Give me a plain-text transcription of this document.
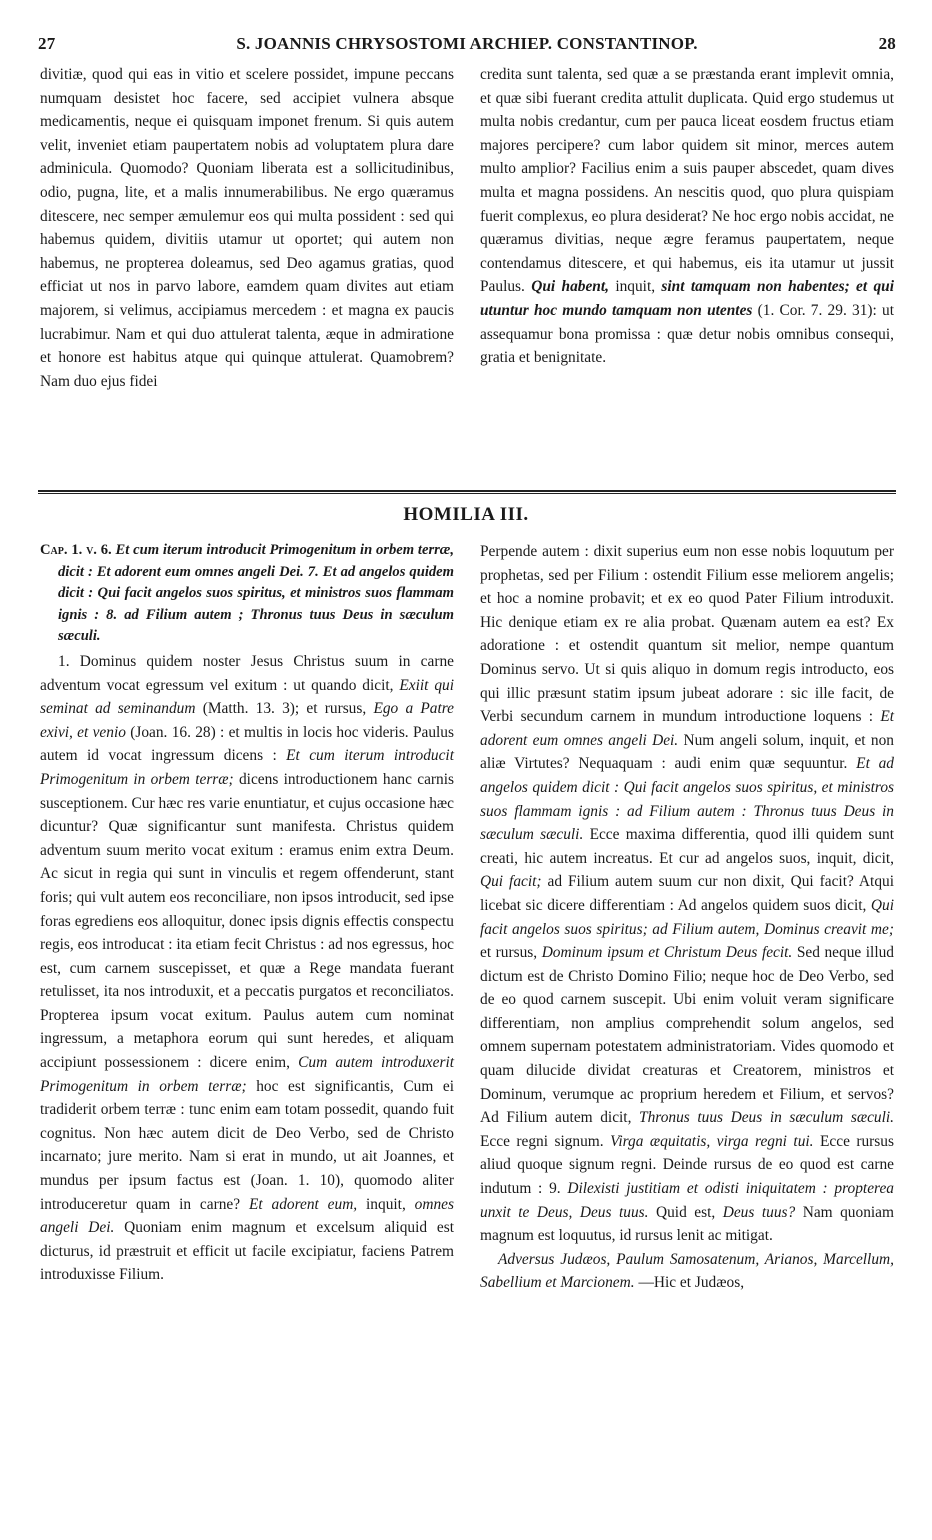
27	S. JOANNIS CHRYSOSTOMI ARCHIEP. CONSTANTINOP.	28

divitiæ, quod qui eas in vitio et scelere possidet, impune peccans numquam desistet hoc facere, sed accipiet vulnera absque medicamentis, neque ei quisquam imponet frenum. Si quis autem velit, inveniet etiam paupertatem nobis ad voluptatem plura dare adminicula. Quomodo? Quoniam liberata est a sollicitudinibus, odio, pugna, lite, et a malis innumerabilibus. Ne ergo quæramus ditescere, nec semper æmulemur eos qui multa possident : sed qui habemus quidem, divitiis utamur ut oportet; qui autem non habemus, ne propterea doleamus, sed Deo agamus gratias, quod efficiat ut nos in parvo labore, eamdem quam divites aut etiam majorem, si velimus, accipiamus mercedem : et magna ex paucis lucrabimur. Nam et qui duo attulerat talenta, æque in admiratione et honore est habitus atque qui quinque attulerat. Quamobrem? Nam duo ejus fidei

credita sunt talenta, sed quæ a se præstanda erant implevit omnia, et quæ sibi fuerant credita attulit duplicata. Quid ergo studemus ut multa nobis credantur, cum per pauca liceat eosdem fructus etiam majores percipere? cum labor quidem sit minor, merces autem multo amplior? Facilius enim a suis pauper abscedet, quam dives multa et magna possidens. An nescitis quod, quo plura quispiam fuerit complexus, eo plura desiderat? Ne hoc ergo nobis accidat, ne quæramus divitias, neque ægre feramus paupertatem, neque contendamus ditescere, et qui habemus, eis ita utamur ut jussit Paulus. Qui habent, inquit, sint tamquam non habentes; et qui utuntur hoc mundo tamquam non utentes (1. Cor. 7. 29. 31): ut assequamur bona promissa : quæ detur nobis omnibus consequi, gratia et benignitate.

HOMILIA III.

Cap. 1. v. 6. Et cum iterum introducit Primogenitum in orbem terræ, dicit : Et adorent eum omnes angeli Dei. 7. Et ad angelos quidem dicit : Qui facit angelos suos spiritus, et ministros suos flammam ignis : 8. ad Filium autem ; Thronus tuus Deus in sæculum sæculi.

1. Dominus quidem noster Jesus Christus suum in carne adventum vocat egressum vel exitum : ut quando dicit, Exiit qui seminat ad seminandum (Matth. 13. 3); et rursus, Ego a Patre exivi, et venio (Joan. 16. 28) : et multis in locis hoc videris. Paulus autem id vocat ingressum dicens : Et cum iterum introducit Primogenitum in orbem terræ; dicens introductionem hanc carnis susceptionem. Cur hæc res varie enuntiatur, et cujus occasione hæc dicuntur? Quæ significantur sunt manifesta. Christus quidem adventum suum merito vocat exitum : eramus enim extra Deum. Ac sicut in regia qui sunt in vinculis et regem offenderunt, stant foris; qui vult autem eos reconciliare, non ipsos introducit, sed ipse foras egrediens eos alloquitur, donec ipsis dignis effectis conspectu regis, eos introducat : ita etiam fecit Christus : ad nos egressus, hoc est, cum carnem suscepisset, et quæ a Rege mandata fuerant retulisset, ita nos introduxit, et a peccatis purgatos et reconciliatos. Propterea ipsum vocat exitum. Paulus autem cum nominat ingressum, a metaphora eorum qui sunt heredes, et aliquam accipiunt possessionem : dicere enim, Cum autem introduxerit Primogenitum in orbem terræ; hoc est significantis, Cum ei tradiderit orbem terræ : tunc enim eam totam possedit, quando fuit cognitus. Non hæc autem dicit de Deo Verbo, sed de Christo incarnato; jure merito. Nam si erat in mundo, ut ait Joannes, et mundus per ipsum factus est (Joan. 1. 10), quomodo aliter introduceretur quam in carne? Et adorent eum, inquit, omnes angeli Dei. Quoniam enim magnum et excelsum aliquid est dicturus, id præstruit et efficit ut facile excipiatur, faciens Patrem introduxisse Filium.

Perpende autem : dixit superius eum non esse nobis loquutum per prophetas, sed per Filium : ostendit Filium esse meliorem angelis; et hoc a nomine probavit; et ex eo quod Pater Filium introduxit. Hic denique etiam ex re alia probat. Quænam autem ea est? Ex adoratione : et ostendit quantum sit melior, nempe quantum Dominus servo. Ut si quis aliquo in domum regis introducto, eos qui illic præsunt statim ipsum jubeat adorare : sic ille facit, de Verbi secundum carnem in mundum introductione loquens : Et adorent eum omnes angeli Dei. Num angeli solum, inquit, et non aliæ Virtutes? Nequaquam : audi enim quæ sequuntur. Et ad angelos quidem dicit : Qui facit angelos suos spiritus, et ministros suos flammam ignis : ad Filium autem : Thronus tuus Deus in sæculum sæculi. Ecce maxima differentia, quod illi quidem sunt creati, hic autem increatus. Et cur ad angelos suos, inquit, dicit, Qui facit; ad Filium autem suum cur non dixit, Qui facit? Atqui licebat sic dicere differentiam : Ad angelos quidem suos dicit, Qui facit angelos suos spiritus; ad Filium autem, Dominus creavit me; et rursus, Dominum ipsum et Christum Deus fecit. Sed neque illud dictum est de Christo Domino Filio; neque hoc de Deo Verbo, sed de eo quod carnem suscepit. Ubi enim voluit veram significare differentiam, non amplius comprehendit solum angelos, sed omnem supernam potestatem administratoriam. Vides quomodo et quam dilucide dividat creaturas et Creatorem, ministros et Dominum, verumque ac proprium heredem et Filium, et servos? Ad Filium autem dicit, Thronus tuus Deus in sæculum sæculi. Ecce regni signum. Virga æquitatis, virga regni tui. Ecce rursus aliud quoque signum regni. Deinde rursus de eo quod est carne indutum : 9. Dilexisti justitiam et odisti iniquitatem : propterea unxit te Deus, Deus tuus. Quid est, Deus tuus? Nam quoniam magnum est loquutus, id rursus lenit ac mitigat.

Adversus Judæos, Paulum Samosatenum, Arianos, Marcellum, Sabellium et Marcionem. —Hic et Judæos,
